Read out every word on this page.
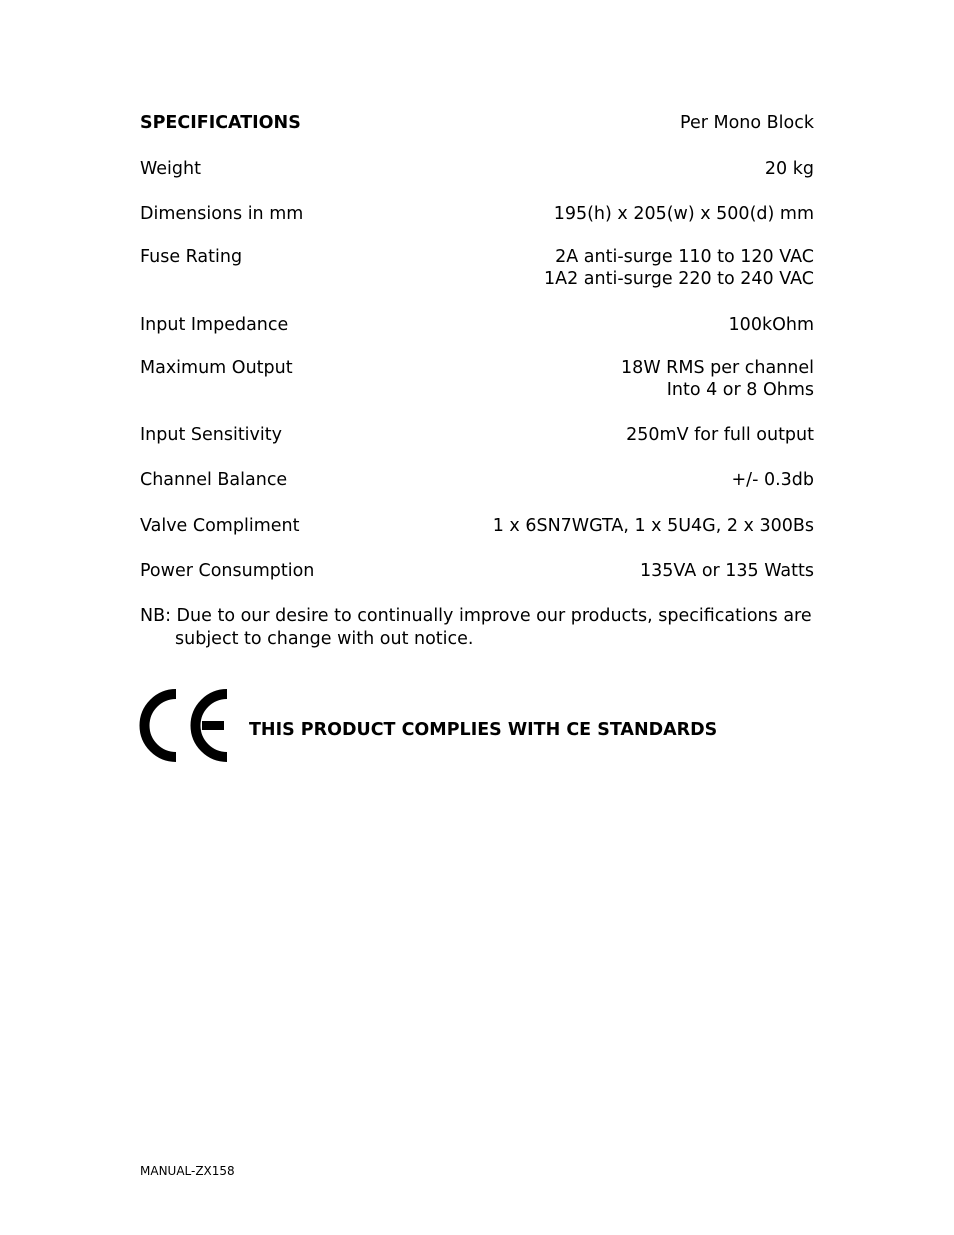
SPECIFICATIONS	Per Mono Block
Weight	20 kg
Dimensions in mm	195(h) x 205(w) x 500(d) mm
Fuse Rating	2A anti-surge 110 to 120 VAC
1A2 anti-surge 220 to 240 VAC
Input Impedance	100kOhm
Maximum Output	18W RMS per channel
Into 4 or 8 Ohms
Input Sensitivity	250mV for full output
Channel Balance	+/- 0.3db
Valve Compliment	1 x 6SN7WGTA, 1 x 5U4G, 2 x 300Bs
Power Consumption	135VA or 135 Watts
NB: Due to our desire to continually improve our products, specifications are
subject to change with out notice.
THIS PRODUCT COMPLIES WITH CE STANDARDS
MANUAL-ZX158
